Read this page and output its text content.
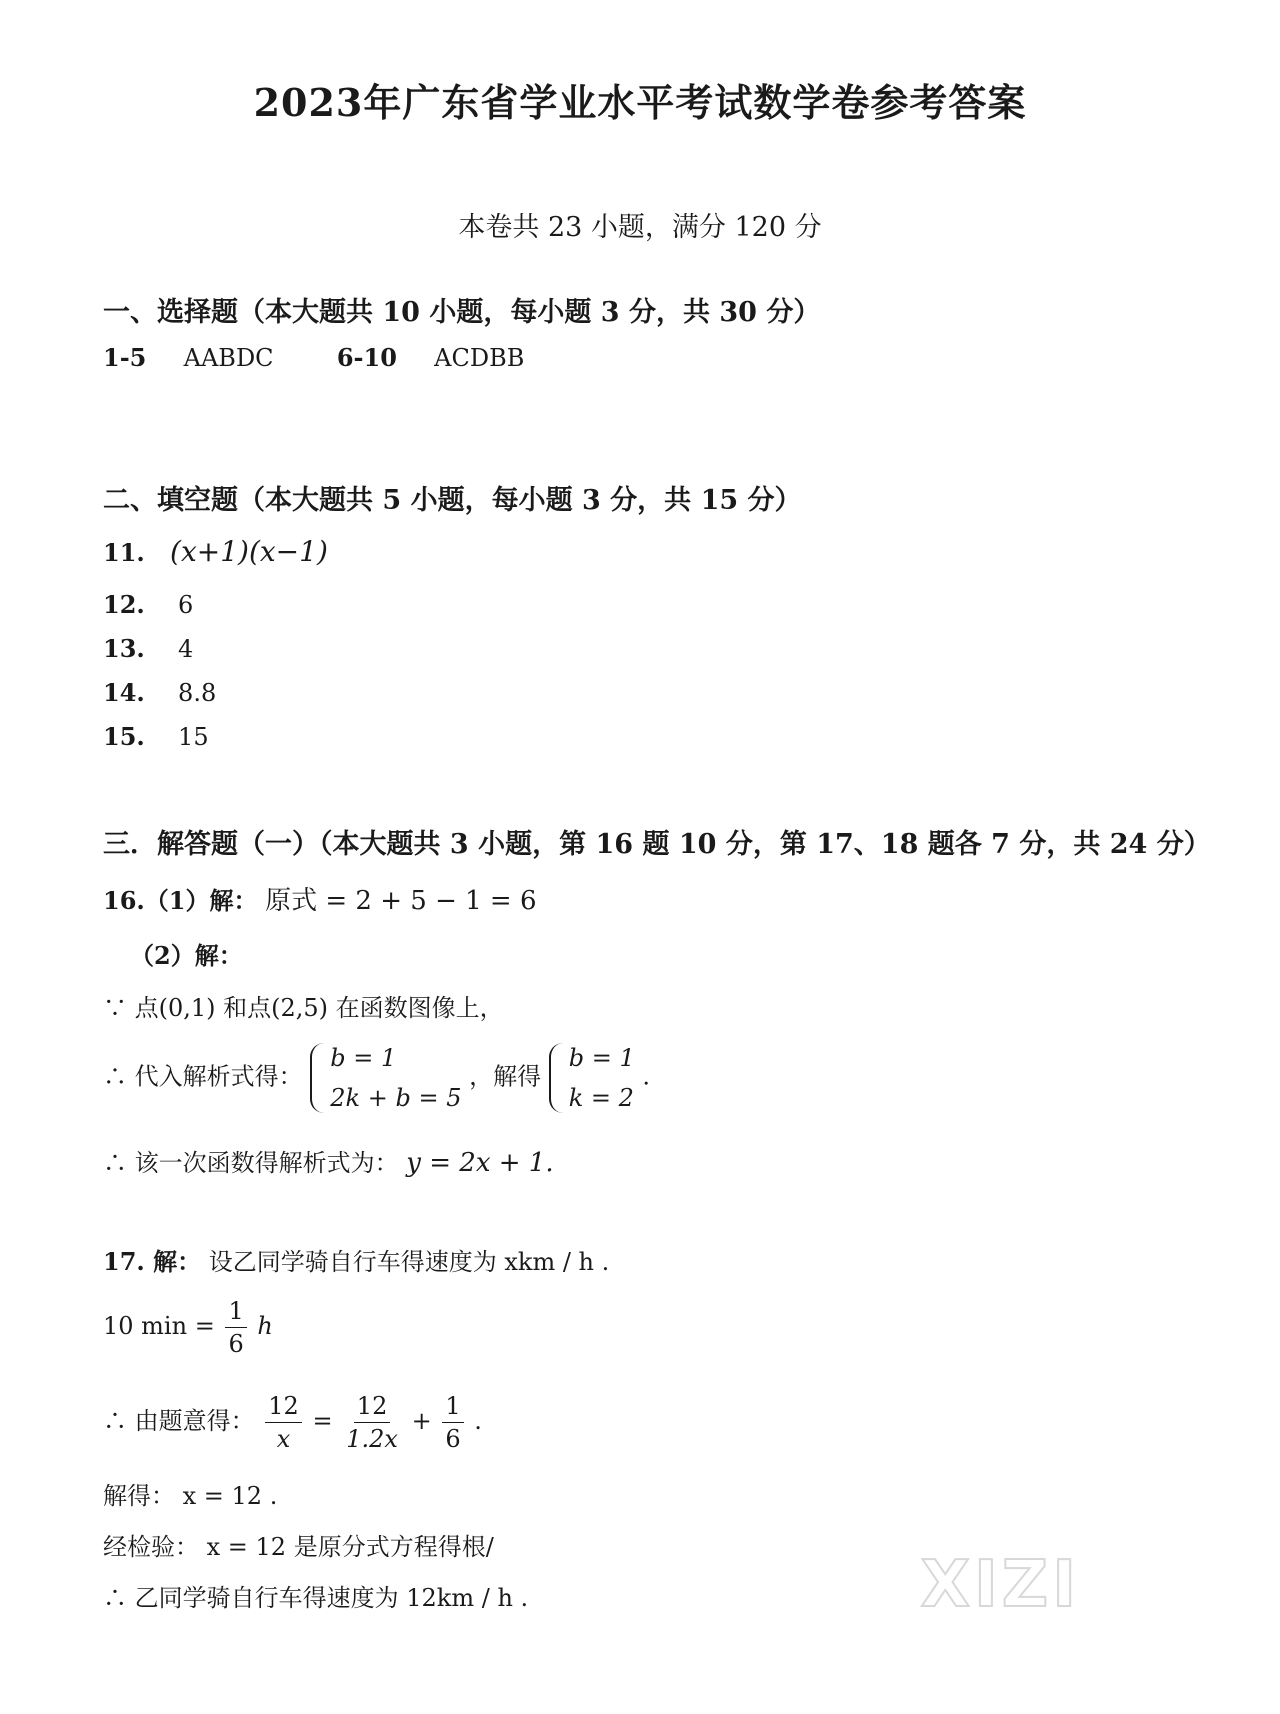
2023年广东省学业水平考试数学卷参考答案
本卷共 23 小题，满分 120 分
一、选择题（本大题共 10 小题，每小题 3 分，共 30 分）
1-5 AABDC	6-10 ACDBB
二、填空题（本大题共 5 小题，每小题 3 分，共 15 分）
11. (x+1)(x−1)
12. 6
13. 4
14. 8.8
15. 15
三．解答题（一）（本大题共 3 小题，第 16 题 10 分，第 17、18 题各 7 分，共 24 分）
16.（1）解： 原式 = 2 + 5 − 1 = 6
（2）解：
∵ 点(0,1) 和点(2,5) 在函数图像上，
∴ 代入解析式得：
b = 1
2k + b = 5
，解得
b = 1
k = 2
.
∴ 该一次函数得解析式为： y = 2x + 1.
17. 解： 设乙同学骑自行车得速度为 xkm / h .
10 $\min = \frac{1}{6}$ h
∴ 由题意得： $\frac{12}{x} = \frac{12}{1.2x} + \frac{1}{6}$ .
解得： x = 12 .
经检验： x = 12 是原分式方程得根/
∴ 乙同学骑自行车得速度为 12km / h .	XIZI
